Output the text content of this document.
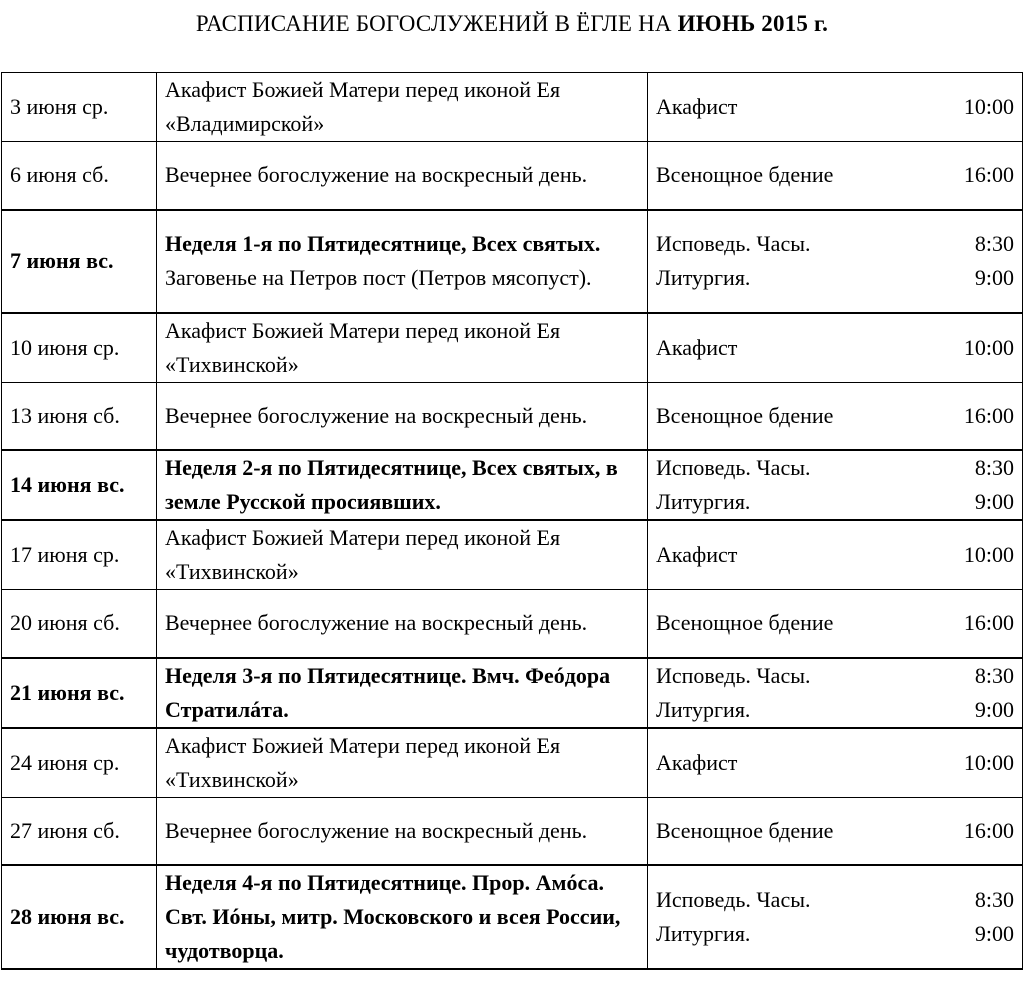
РАСПИСАНИЕ БОГОСЛУЖЕНИЙ В ЁГЛЕ НА ИЮНЬ 2015 г.
3 июня ср.	Акафист Божией Матери перед иконой Ея «Владимирской»	Акафист 10:00

6 июня сб.	Вечернее богослужение на воскресный день.	Всенощное бдение 16:00

7 июня вс.	Неделя 1-я по Пятидесятнице, Всех святых. Заговенье на Петров пост (Петров мясопуст).	Исповедь. Часы. 8:30
Литургия. 9:00

10 июня ср.	Акафист Божией Матери перед иконой Ея «Тихвинской»	Акафист 10:00

13 июня сб.	Вечернее богослужение на воскресный день.	Всенощное бдение 16:00

14 июня вс.	Неделя 2-я по Пятидесятнице, Всех святых, в земле Русской просиявших.	Исповедь. Часы. 8:30
Литургия. 9:00

17 июня ср.	Акафист Божией Матери перед иконой Ея «Тихвинской»	Акафист 10:00

20 июня сб.	Вечернее богослужение на воскресный день.	Всенощное бдение 16:00

21 июня вс.	Неделя 3-я по Пятидесятнице. Вмч. Феóдора Стратилáта.	Исповедь. Часы. 8:30
Литургия. 9:00

24 июня ср.	Акафист Божией Матери перед иконой Ея «Тихвинской»	Акафист 10:00

27 июня сб.	Вечернее богослужение на воскресный день.	Всенощное бдение 16:00

28 июня вс.	Неделя 4-я по Пятидесятнице. Прор. Амóса. Свт. Иóны, митр. Московского и всея России, чудотворца.	Исповедь. Часы. 8:30
Литургия. 9:00
